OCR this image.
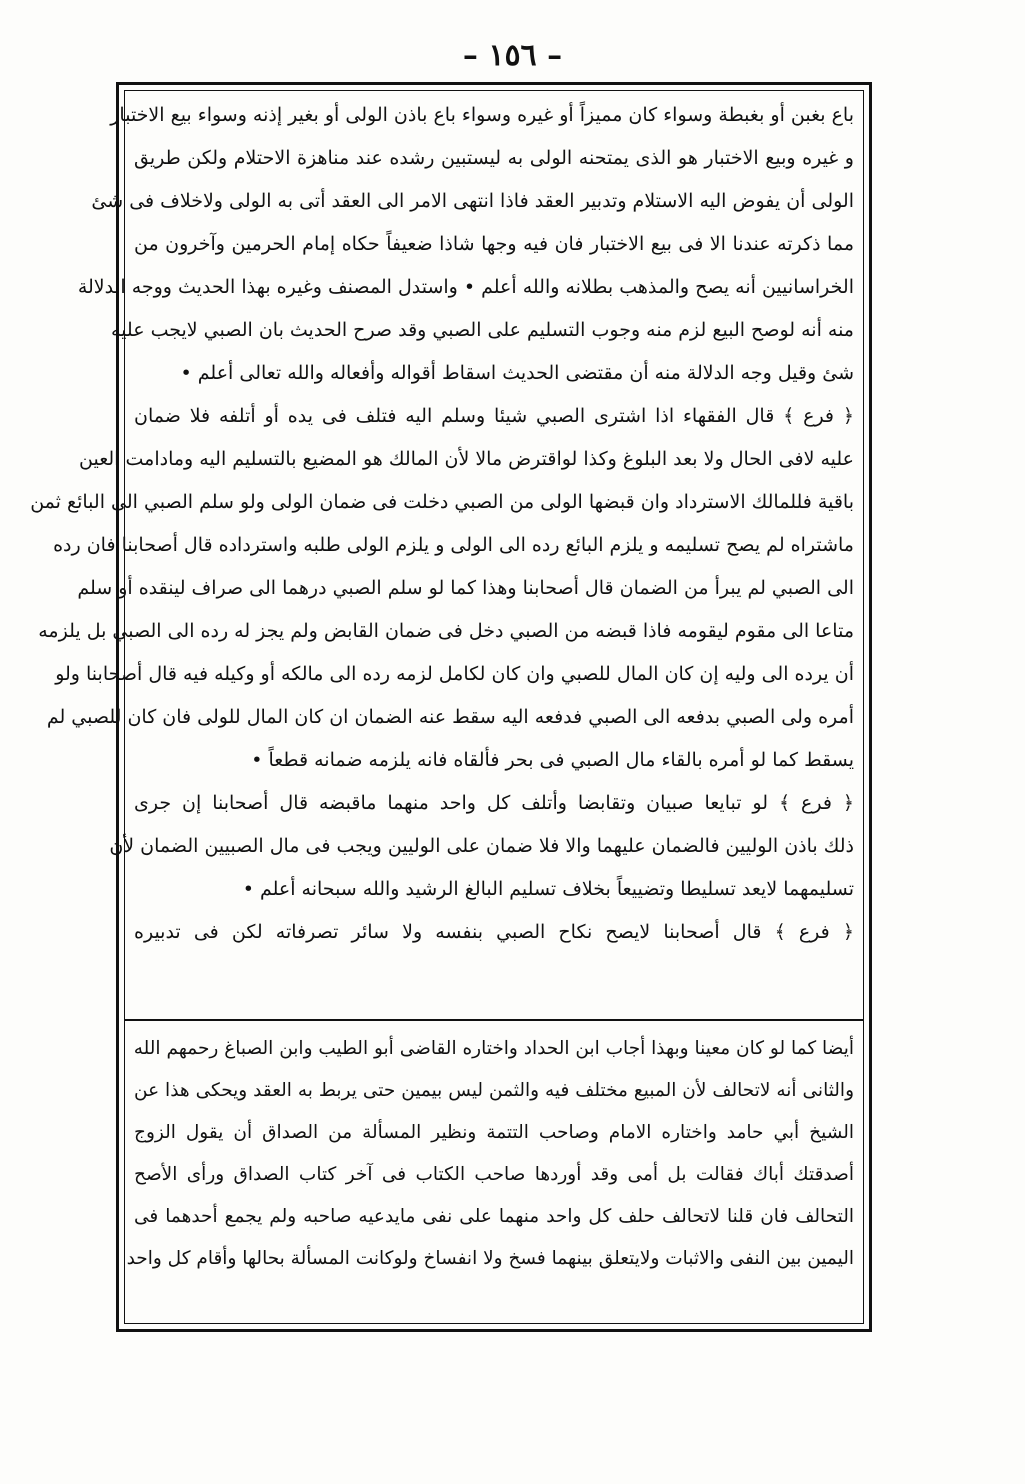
– ١٥٦ –
باع بغبن أو بغبطة وسواء كان مميزاً أو غيره وسواء باع باذن الولى أو بغير إذنه وسواء بيع الاختبار
و غيره وبيع الاختبار هو الذى يمتحنه الولى به ليستبين رشده عند مناهزة الاحتلام ولكن طريق
الولى أن يفوض اليه الاستلام وتدبير العقد فاذا انتهى الامر الى العقد أتى به الولى ولاخلاف فى شئ
مما ذكرته عندنا الا فى بيع الاختبار فان فيه وجها شاذا ضعيفاً حكاه إمام الحرمين وآخرون من
الخراسانيين أنه يصح والمذهب بطلانه والله أعلم • واستدل المصنف وغيره بهذا الحديث ووجه الدلالة
منه أنه لوصح البيع لزم منه وجوب التسليم على الصبي وقد صرح الحديث بان الصبي لايجب عليه
شئ وقيل وجه الدلالة منه أن مقتضى الحديث اسقاط أقواله وأفعاله والله تعالى أعلم •
﴿ فرع ﴾ قال الفقهاء اذا اشترى الصبي شيئا وسلم اليه فتلف فى يده أو أتلفه فلا ضمان
عليه لافى الحال ولا بعد البلوغ وكذا لواقترض مالا لأن المالك هو المضيع بالتسليم اليه ومادامت العين
باقية فللمالك الاسترداد وان قبضها الولى من الصبي دخلت فى ضمان الولى ولو سلم الصبي الى البائع ثمن
ماشتراه لم يصح تسليمه و يلزم البائع رده الى الولى و يلزم الولى طلبه واسترداده قال أصحابنا فان رده
الى الصبي لم يبرأ من الضمان قال أصحابنا وهذا كما لو سلم الصبي درهما الى صراف لينقده أو سلم
متاعا الى مقوم ليقومه فاذا قبضه من الصبي دخل فى ضمان القابض ولم يجز له رده الى الصبي بل يلزمه
أن يرده الى وليه إن كان المال للصبي وان كان لكامل لزمه رده الى مالكه أو وكيله فيه قال أصحابنا ولو
أمره ولى الصبي بدفعه الى الصبي فدفعه اليه سقط عنه الضمان ان كان المال للولى فان كان للصبي لم
يسقط كما لو أمره بالقاء مال الصبي فى بحر فألقاه فانه يلزمه ضمانه قطعاً •
﴿ فرع ﴾ لو تبايعا صبيان وتقابضا وأتلف كل واحد منهما ماقبضه قال أصحابنا إن جرى
ذلك باذن الوليين فالضمان عليهما والا فلا ضمان على الوليين ويجب فى مال الصبيين الضمان لأن
تسليمهما لايعد تسليطا وتضييعاً بخلاف تسليم البالغ الرشيد والله سبحانه أعلم •
﴿ فرع ﴾ قال أصحابنا لايصح نكاح الصبي بنفسه ولا سائر تصرفاته لكن فى تدبيره
أيضا كما لو كان معينا وبهذا أجاب ابن الحداد واختاره القاضى أبو الطيب وابن الصباغ رحمهم الله
والثانى أنه لاتحالف لأن المبيع مختلف فيه والثمن ليس بيمين حتى يربط به العقد ويحكى هذا عن
الشيخ أبي حامد واختاره الامام وصاحب التتمة ونظير المسألة من الصداق أن يقول الزوج
أصدقتك أباك فقالت بل أمى وقد أوردها صاحب الكتاب فى آخر كتاب الصداق ورأى الأصح
التحالف فان قلنا لاتحالف حلف كل واحد منهما على نفى مايدعيه صاحبه ولم يجمع أحدهما فى
اليمين بين النفى والاثبات ولايتعلق بينهما فسخ ولا انفساخ ولوكانت المسألة بحالها وأقام كل واحد
